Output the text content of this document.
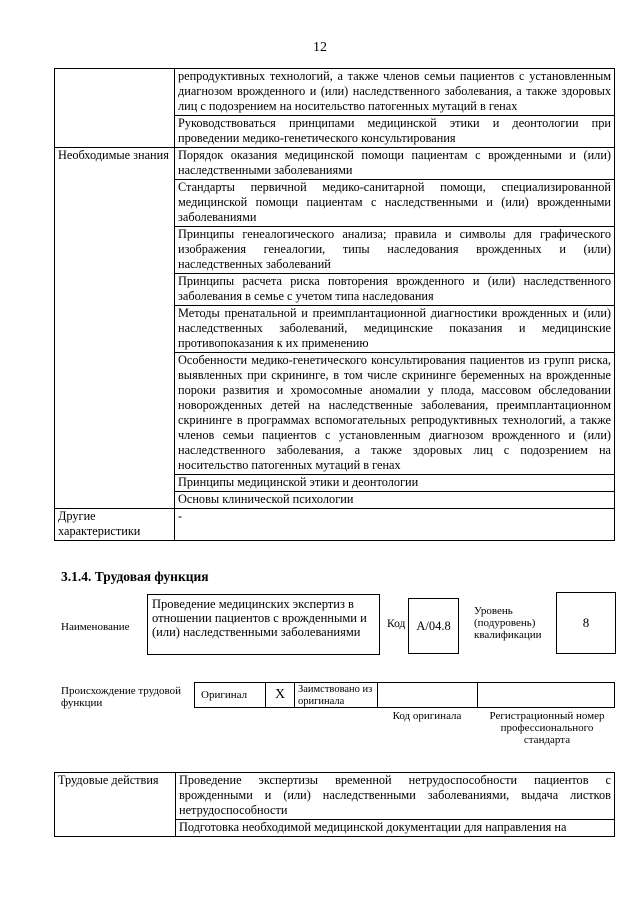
12
	репродуктивных технологий, а также членов семьи пациентов с установленным диагнозом врожденного и (или) наследственного заболевания, а также здоровых лиц с подозрением на носительство патогенных мутаций в генах
	Руководствоваться принципами медицинской этики и деонтологии при проведении медико-генетического консультирования
Необходимые знания	Порядок оказания медицинской помощи пациентам с врожденными и (или) наследственными заболеваниями
	Стандарты первичной медико-санитарной помощи, специализированной медицинской помощи пациентам с наследственными и (или) врожденными заболеваниями
	Принципы генеалогического анализа; правила и символы для графического изображения генеалогии, типы наследования врожденных и (или) наследственных заболеваний
	Принципы расчета риска повторения врожденного и (или) наследственного заболевания в семье с учетом типа наследования
	Методы пренатальной и преимплантационной диагностики врожденных и (или) наследственных заболеваний, медицинские показания и медицинские противопоказания к их применению
	Особенности медико-генетического консультирования пациентов из групп риска, выявленных при скрининге, в том числе скрининге беременных на врожденные пороки развития и хромосомные аномалии у плода, массовом обследовании новорожденных детей на наследственные заболевания, преимплантационном скрининге в программах вспомогательных репродуктивных технологий, а также членов семьи пациентов с установленным диагнозом врожденного и (или) наследственного заболевания, а также здоровых лиц с подозрением на носительство патогенных мутаций в генах
	Принципы медицинской этики и деонтологии
	Основы клинической психологии
Другие характеристики	-
3.1.4. Трудовая функция
Наименование
Проведение медицинских экспертиз в отношении пациентов с врожденными и (или) наследственными заболеваниями
Код A/04.8
Уровень (подуровень) квалификации
8
Происхождение трудовой функции
Оригинал	X	Заимствовано из оригинала
Код оригинала	Регистрационный номер профессионального стандарта
Трудовые действия	Проведение экспертизы временной нетрудоспособности пациентов с врожденными и (или) наследственными заболеваниями, выдача листков нетрудоспособности
Подготовка необходимой медицинской документации для направления на
